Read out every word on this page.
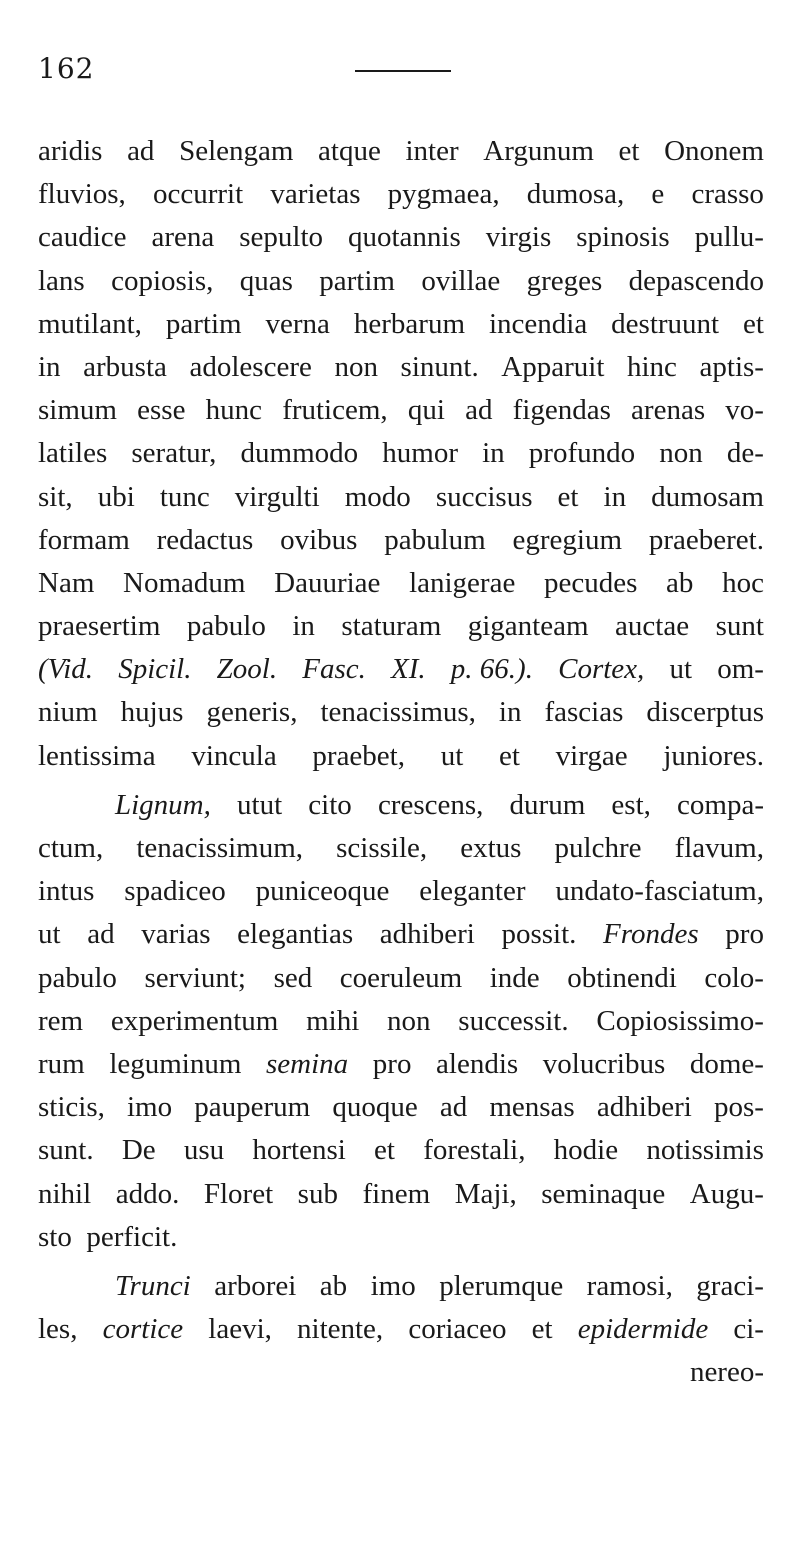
162
aridis ad Selengam atque inter Argunum et Ononem
fluvios, occurrit varietas pygmaea, dumosa, e crasso
caudice arena sepulto quotannis virgis spinosis pullu-
lans copiosis, quas partim ovillae greges depascendo
mutilant, partim verna herbarum incendia destruunt et
in arbusta adolescere non sinunt. Apparuit hinc aptis-
simum esse hunc fruticem, qui ad figendas arenas vo-
latiles seratur, dummodo humor in profundo non de-
sit, ubi tunc virgulti modo succisus et in dumosam
formam redactus ovibus pabulum egregium praeberet.
Nam Nomadum Dauuriae lanigerae pecudes ab hoc
praesertim pabulo in staturam giganteam auctae sunt
(Vid. Spicil. Zool. Fasc. XI. p. 66.). Cortex, ut om-
nium hujus generis, tenacissimus, in fascias discerptus
lentissima vincula praebet, ut et virgae juniores.
Lignum, utut cito crescens, durum est, compa-
ctum, tenacissimum, scissile, extus pulchre flavum,
intus spadiceo puniceoque eleganter undato-fasciatum,
ut ad varias elegantias adhiberi possit. Frondes pro
pabulo serviunt; sed coeruleum inde obtinendi colo-
rem experimentum mihi non successit. Copiosissimo-
rum leguminum semina pro alendis volucribus dome-
sticis, imo pauperum quoque ad mensas adhiberi pos-
sunt. De usu hortensi et forestali, hodie notissimis
nihil addo. Floret sub finem Maji, seminaque Augu-
sto perficit.
Trunci arborei ab imo plerumque ramosi, graci-
les, cortice laevi, nitente, coriaceo et epidermide ci-
nereo-
